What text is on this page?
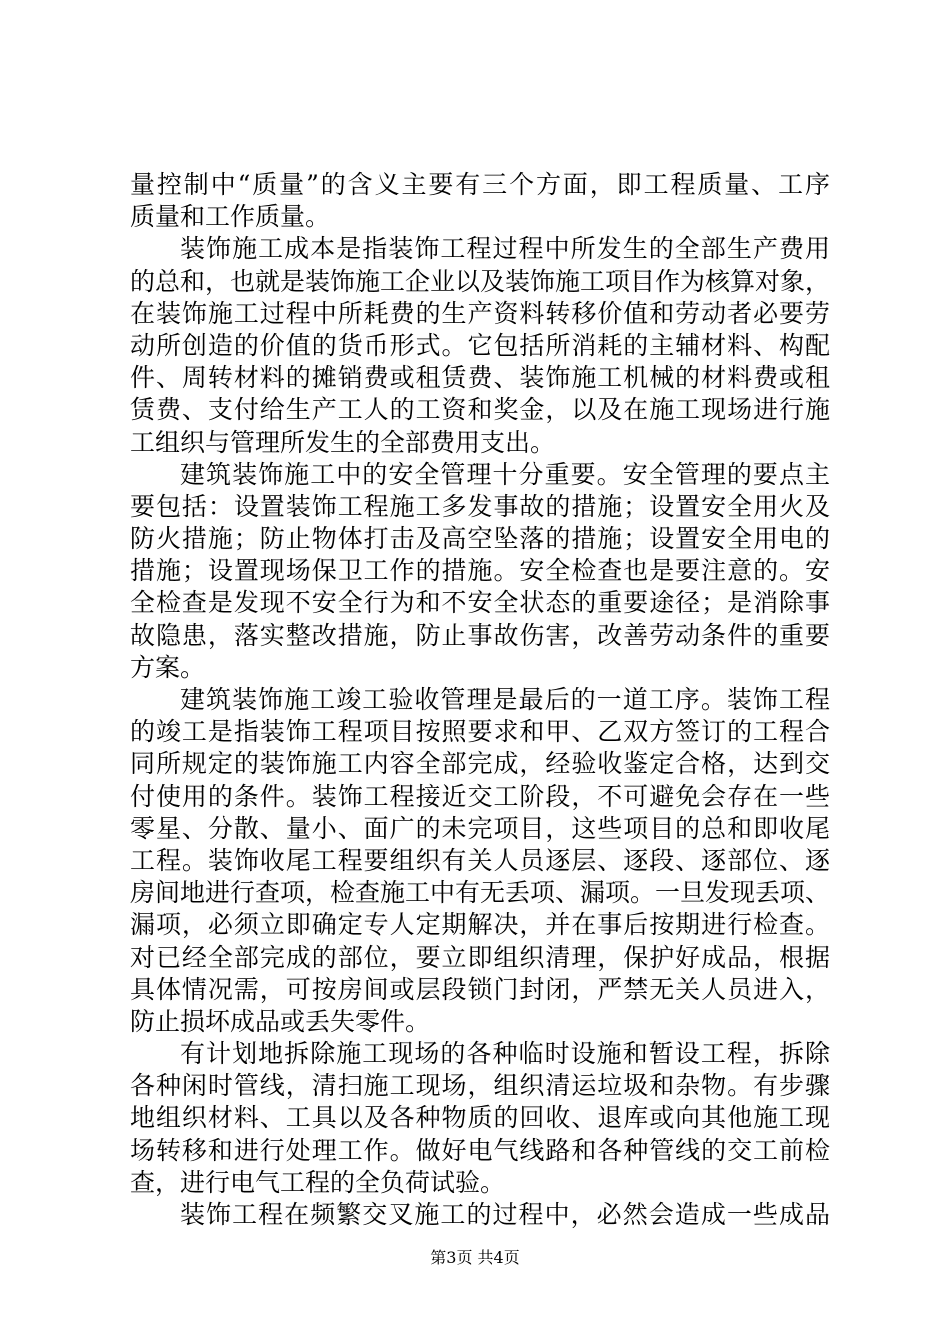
量控制中“质量”的含义主要有三个方面，即工程质量、工序
质量和工作质量。
装饰施工成本是指装饰工程过程中所发生的全部生产费用
的总和，也就是装饰施工企业以及装饰施工项目作为核算对象，
在装饰施工过程中所耗费的生产资料转移价值和劳动者必要劳
动所创造的价值的货币形式。它包括所消耗的主辅材料、构配
件、周转材料的摊销费或租赁费、装饰施工机械的材料费或租
赁费、支付给生产工人的工资和奖金，以及在施工现场进行施
工组织与管理所发生的全部费用支出。
建筑装饰施工中的安全管理十分重要。安全管理的要点主
要包括：设置装饰工程施工多发事故的措施；设置安全用火及
防火措施；防止物体打击及高空坠落的措施；设置安全用电的
措施；设置现场保卫工作的措施。安全检查也是要注意的。安
全检查是发现不安全行为和不安全状态的重要途径；是消除事
故隐患，落实整改措施，防止事故伤害，改善劳动条件的重要
方案。
建筑装饰施工竣工验收管理是最后的一道工序。装饰工程
的竣工是指装饰工程项目按照要求和甲、乙双方签订的工程合
同所规定的装饰施工内容全部完成，经验收鉴定合格，达到交
付使用的条件。装饰工程接近交工阶段，不可避免会存在一些
零星、分散、量小、面广的未完项目，这些项目的总和即收尾
工程。装饰收尾工程要组织有关人员逐层、逐段、逐部位、逐
房间地进行查项，检查施工中有无丢项、漏项。一旦发现丢项、
漏项，必须立即确定专人定期解决，并在事后按期进行检查。
对已经全部完成的部位，要立即组织清理，保护好成品，根据
具体情况需，可按房间或层段锁门封闭，严禁无关人员进入，
防止损坏成品或丢失零件。
有计划地拆除施工现场的各种临时设施和暂设工程，拆除
各种闲时管线，清扫施工现场，组织清运垃圾和杂物。有步骤
地组织材料、工具以及各种物质的回收、退库或向其他施工现
场转移和进行处理工作。做好电气线路和各种管线的交工前检
查，进行电气工程的全负荷试验。
装饰工程在频繁交叉施工的过程中，必然会造成一些成品
第3页 共4页
